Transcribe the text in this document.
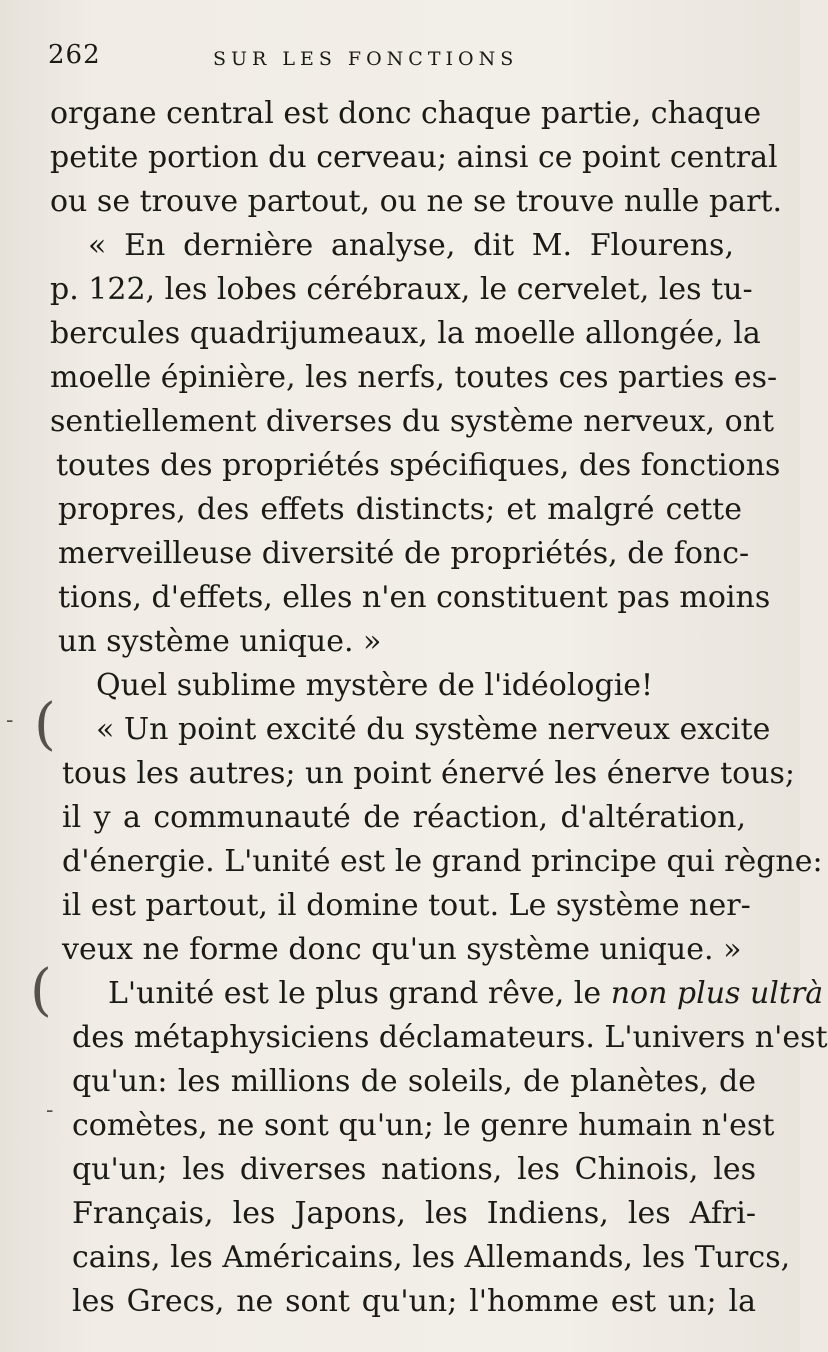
262	SUR LES FONCTIONS
organe central est donc chaque partie, chaque
petite portion du cerveau; ainsi ce point central
ou se trouve partout, ou ne se trouve nulle part.
« En dernière analyse, dit M. Flourens,
p. 122, les lobes cérébraux, le cervelet, les tu-
bercules quadrijumeaux, la moelle allongée, la
moelle épinière, les nerfs, toutes ces parties es-
sentiellement diverses du système nerveux, ont
toutes des propriétés spécifiques, des fonctions
propres, des effets distincts; et malgré cette
merveilleuse diversité de propriétés, de fonc-
tions, d'effets, elles n'en constituent pas moins
un système unique. »
Quel sublime mystère de l'idéologie!
« Un point excité du système nerveux excite
tous les autres; un point énervé les énerve tous;
il y a communauté de réaction, d'altération,
d'énergie. L'unité est le grand principe qui règne:
il est partout, il domine tout. Le système ner-
veux ne forme donc qu'un système unique. »
L'unité est le plus grand rêve, le non plus ultrà
des métaphysiciens déclamateurs. L'univers n'est
qu'un: les millions de soleils, de planètes, de
comètes, ne sont qu'un; le genre humain n'est
qu'un; les diverses nations, les Chinois, les
Français, les Japons, les Indiens, les Afri-
cains, les Américains, les Allemands, les Turcs,
les Grecs, ne sont qu'un; l'homme est un; la
- (
(
-
